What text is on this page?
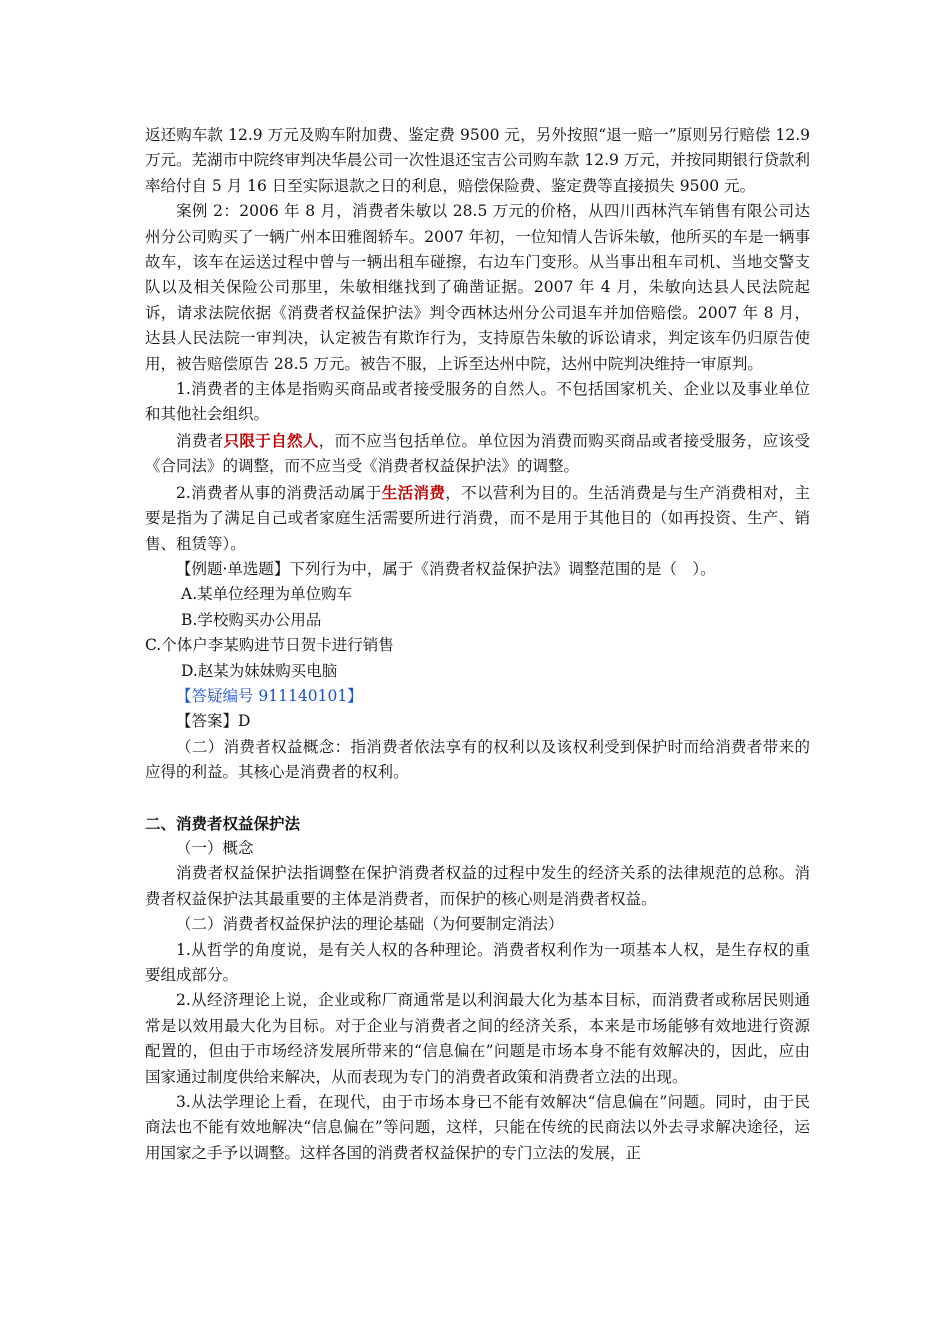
返还购车款 12.9 万元及购车附加费、鉴定费 9500 元，另外按照“退一赔一”原则另行赔偿 12.9 万元。芜湖市中院终审判决华晨公司一次性退还宝吉公司购车款 12.9 万元，并按同期银行贷款利率给付自 5 月 16 日至实际退款之日的利息，赔偿保险费、鉴定费等直接损失 9500 元。

案例 2：2006 年 8 月，消费者朱敏以 28.5 万元的价格，从四川西林汽车销售有限公司达州分公司购买了一辆广州本田雅阁轿车。2007 年初，一位知情人告诉朱敏，他所买的车是一辆事故车，该车在运送过程中曾与一辆出租车碰擦，右边车门变形。从当事出租车司机、当地交警支队以及相关保险公司那里，朱敏相继找到了确凿证据。2007 年 4 月，朱敏向达县人民法院起诉，请求法院依据《消费者权益保护法》判令西林达州分公司退车并加倍赔偿。2007 年 8 月，达县人民法院一审判决，认定被告有欺诈行为，支持原告朱敏的诉讼请求，判定该车仍归原告使用，被告赔偿原告 28.5 万元。被告不服，上诉至达州中院，达州中院判决维持一审原判。

1.消费者的主体是指购买商品或者接受服务的自然人。不包括国家机关、企业以及事业单位和其他社会组织。

消费者只限于自然人，而不应当包括单位。单位因为消费而购买商品或者接受服务，应该受《合同法》的调整，而不应当受《消费者权益保护法》的调整。

2.消费者从事的消费活动属于生活消费，不以营利为目的。生活消费是与生产消费相对，主要是指为了满足自己或者家庭生活需要所进行消费，而不是用于其他目的（如再投资、生产、销售、租赁等）。

【例题·单选题】下列行为中，属于《消费者权益保护法》调整范围的是（　）。

A.某单位经理为单位购车

B.学校购买办公用品

C.个体户李某购进节日贺卡进行销售

D.赵某为妹妹购买电脑

【答疑编号 911140101】

【答案】D

（二）消费者权益概念：指消费者依法享有的权利以及该权利受到保护时而给消费者带来的应得的利益。其核心是消费者的权利。

二、消费者权益保护法

（一）概念

消费者权益保护法指调整在保护消费者权益的过程中发生的经济关系的法律规范的总称。消费者权益保护法其最重要的主体是消费者，而保护的核心则是消费者权益。

（二）消费者权益保护法的理论基础（为何要制定消法）

1.从哲学的角度说，是有关人权的各种理论。消费者权利作为一项基本人权，是生存权的重要组成部分。

2.从经济理论上说，企业或称厂商通常是以利润最大化为基本目标，而消费者或称居民则通常是以效用最大化为目标。对于企业与消费者之间的经济关系，本来是市场能够有效地进行资源配置的，但由于市场经济发展所带来的“信息偏在”问题是市场本身不能有效解决的，因此，应由国家通过制度供给来解决，从而表现为专门的消费者政策和消费者立法的出现。

3.从法学理论上看，在现代，由于市场本身已不能有效解决“信息偏在”问题。同时，由于民商法也不能有效地解决“信息偏在”等问题，这样，只能在传统的民商法以外去寻求解决途径，运用国家之手予以调整。这样各国的消费者权益保护的专门立法的发展，正
